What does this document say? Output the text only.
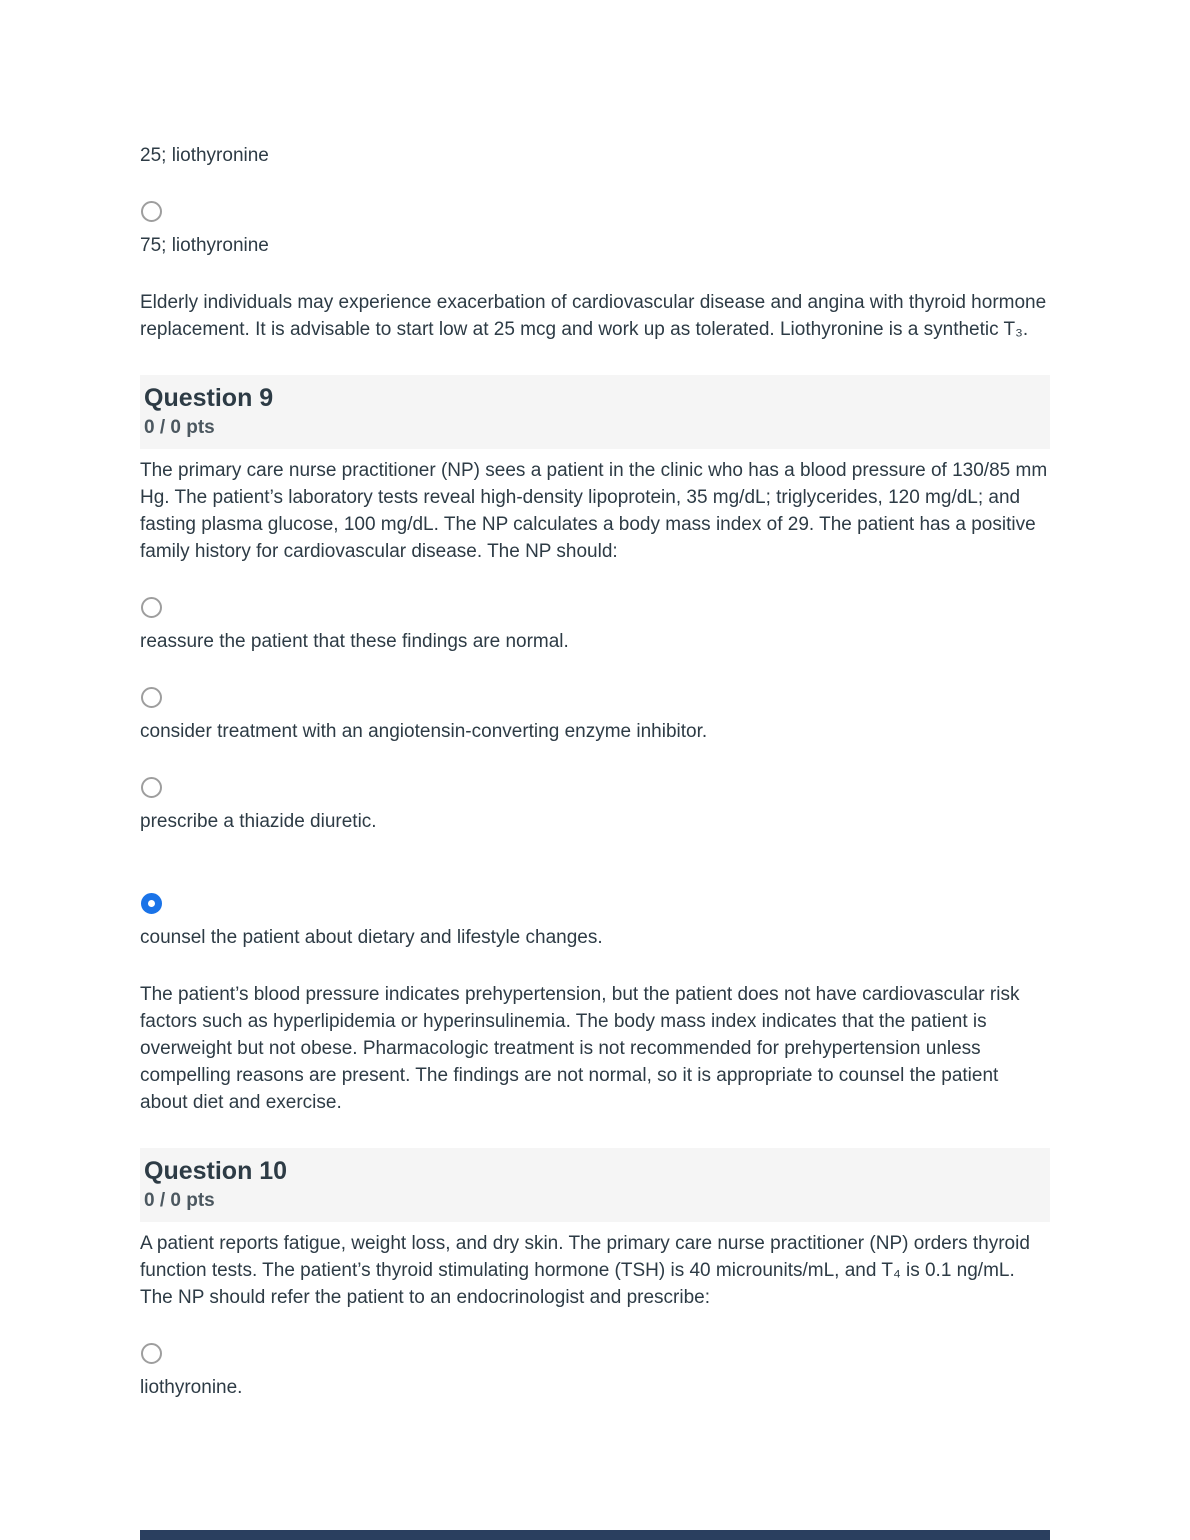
25; liothyronine

75; liothyronine

Elderly individuals may experience exacerbation of cardiovascular disease and angina with thyroid hormone replacement. It is advisable to start low at 25 mcg and work up as tolerated. Liothyronine is a synthetic T₃.

Question 9
0 / 0 pts

The primary care nurse practitioner (NP) sees a patient in the clinic who has a blood pressure of 130/85 mm Hg. The patient’s laboratory tests reveal high-density lipoprotein, 35 mg/dL; triglycerides, 120 mg/dL; and fasting plasma glucose, 100 mg/dL. The NP calculates a body mass index of 29. The patient has a positive family history for cardiovascular disease. The NP should:

reassure the patient that these findings are normal.

consider treatment with an angiotensin-converting enzyme inhibitor.

prescribe a thiazide diuretic.

counsel the patient about dietary and lifestyle changes.

The patient’s blood pressure indicates prehypertension, but the patient does not have cardiovascular risk factors such as hyperlipidemia or hyperinsulinemia. The body mass index indicates that the patient is overweight but not obese. Pharmacologic treatment is not recommended for prehypertension unless compelling reasons are present. The findings are not normal, so it is appropriate to counsel the patient about diet and exercise.

Question 10
0 / 0 pts

A patient reports fatigue, weight loss, and dry skin. The primary care nurse practitioner (NP) orders thyroid function tests. The patient’s thyroid stimulating hormone (TSH) is 40 microunits/mL, and T₄ is 0.1 ng/mL. The NP should refer the patient to an endocrinologist and prescribe:

liothyronine.
